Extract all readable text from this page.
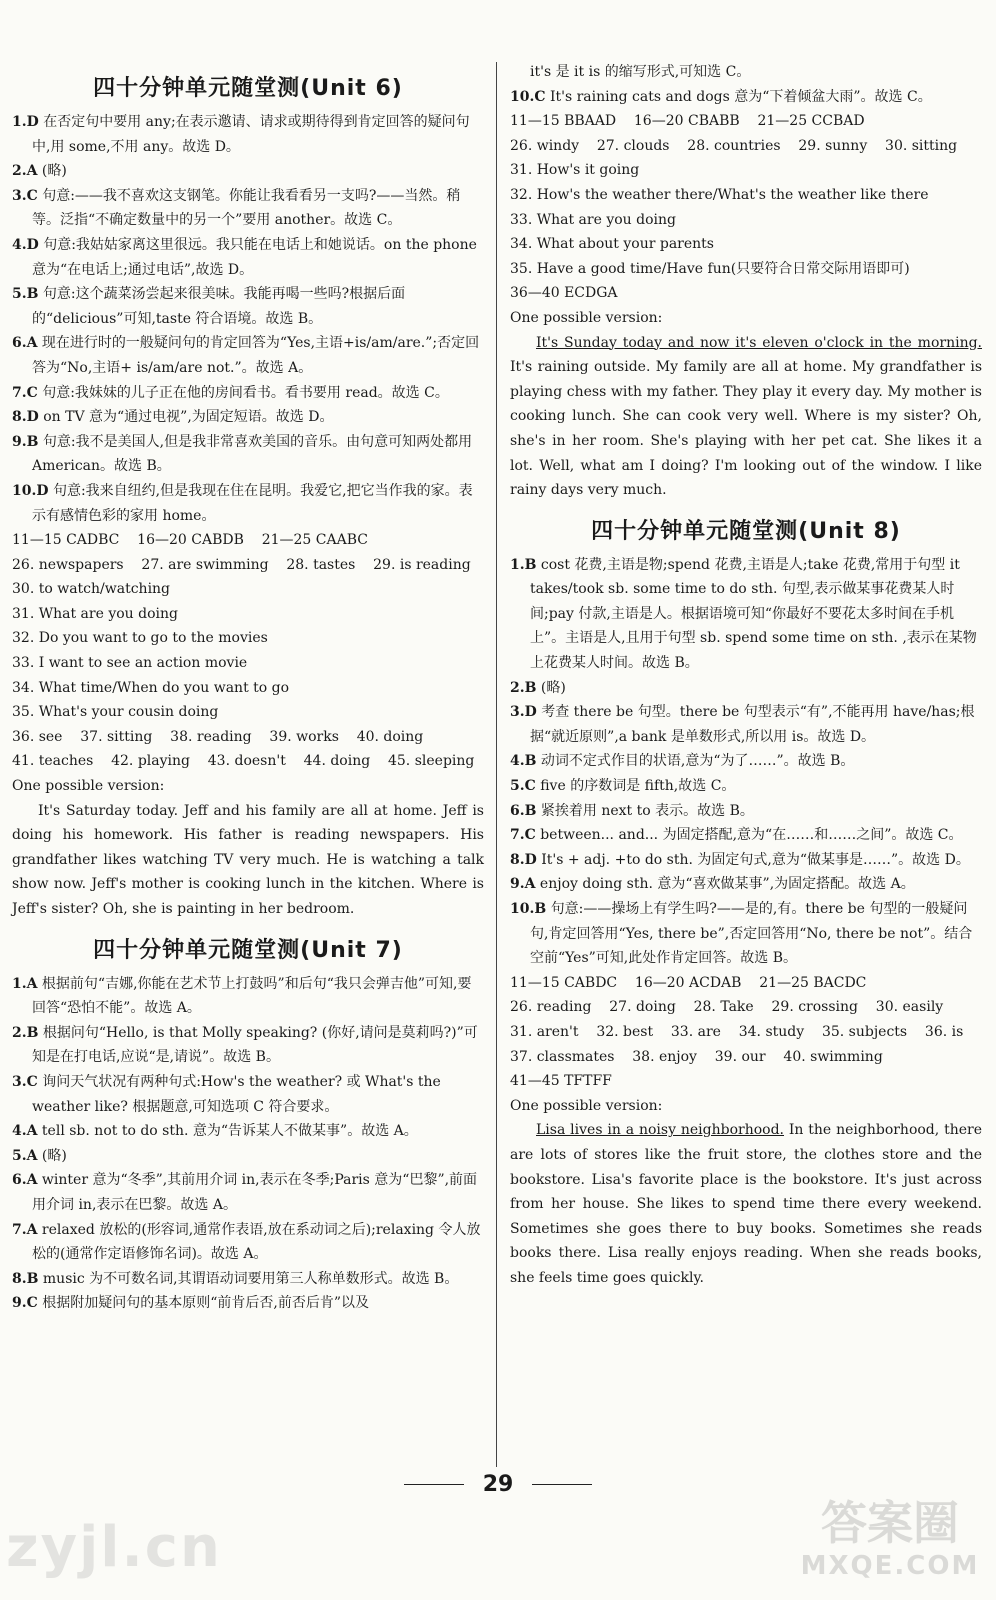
四十分钟单元随堂测(Unit 6)

1.D 在否定句中要用 any;在表示邀请、请求或期待得到肯定回答的疑问句中,用 some,不用 any。故选 D。

2.A (略)

3.C 句意:——我不喜欢这支钢笔。你能让我看看另一支吗?——当然。稍等。泛指“不确定数量中的另一个”要用 another。故选 C。

4.D 句意:我姑姑家离这里很远。我只能在电话上和她说话。on the phone 意为“在电话上;通过电话”,故选 D。

5.B 句意:这个蔬菜汤尝起来很美味。我能再喝一些吗?根据后面的“delicious”可知,taste 符合语境。故选 B。

6.A 现在进行时的一般疑问句的肯定回答为“Yes,主语+is/am/are.”;否定回答为“No,主语+ is/am/are not.”。故选 A。

7.C 句意:我妹妹的儿子正在他的房间看书。看书要用 read。故选 C。

8.D on TV 意为“通过电视”,为固定短语。故选 D。

9.B 句意:我不是美国人,但是我非常喜欢美国的音乐。由句意可知两处都用 American。故选 B。

10.D 句意:我来自纽约,但是我现在住在昆明。我爱它,把它当作我的家。表示有感情色彩的家用 home。

11—15 CADBC    16—20 CABDB    21—25 CAABC

26. newspapers    27. are swimming    28. tastes    29. is reading

30. to watch/watching

31. What are you doing

32. Do you want to go to the movies

33. I want to see an action movie

34. What time/When do you want to go

35. What's your cousin doing

36. see    37. sitting    38. reading    39. works    40. doing

41. teaches    42. playing    43. doesn't    44. doing    45. sleeping

One possible version:

It's Saturday today. Jeff and his family are all at home. Jeff is doing his homework. His father is reading newspapers. His grandfather likes watching TV very much. He is watching a talk show now. Jeff's mother is cooking lunch in the kitchen. Where is Jeff's sister? Oh, she is painting in her bedroom.

四十分钟单元随堂测(Unit 7)

1.A 根据前句“吉娜,你能在艺术节上打鼓吗”和后句“我只会弹吉他”可知,要回答“恐怕不能”。故选 A。

2.B 根据问句“Hello, is that Molly speaking? (你好,请问是莫莉吗?)”可知是在打电话,应说“是,请说”。故选 B。

3.C 询问天气状况有两种句式:How's the weather? 或 What's the weather like? 根据题意,可知选项 C 符合要求。

4.A tell sb. not to do sth. 意为“告诉某人不做某事”。故选 A。

5.A (略)

6.A winter 意为“冬季”,其前用介词 in,表示在冬季;Paris 意为“巴黎”,前面用介词 in,表示在巴黎。故选 A。

7.A relaxed 放松的(形容词,通常作表语,放在系动词之后);relaxing 令人放松的(通常作定语修饰名词)。故选 A。

8.B music 为不可数名词,其谓语动词要用第三人称单数形式。故选 B。

9.C 根据附加疑问句的基本原则“前肯后否,前否后肯”以及

it's 是 it is 的缩写形式,可知选 C。

10.C It's raining cats and dogs 意为“下着倾盆大雨”。故选 C。

11—15 BBAAD    16—20 CBABB    21—25 CCBAD

26. windy    27. clouds    28. countries    29. sunny    30. sitting

31. How's it going

32. How's the weather there/What's the weather like there

33. What are you doing

34. What about your parents

35. Have a good time/Have fun(只要符合日常交际用语即可)

36—40 ECDGA

One possible version:

It's Sunday today and now it's eleven o'clock in the morning. It's raining outside. My family are all at home. My grandfather is playing chess with my father. They play it every day. My mother is cooking lunch. She can cook very well. Where is my sister? Oh, she's in her room. She's playing with her pet cat. She likes it a lot. Well, what am I doing? I'm looking out of the window. I like rainy days very much.

四十分钟单元随堂测(Unit 8)

1.B cost 花费,主语是物;spend 花费,主语是人;take 花费,常用于句型 it takes/took sb. some time to do sth. 句型,表示做某事花费某人时间;pay 付款,主语是人。根据语境可知“你最好不要花太多时间在手机上”。主语是人,且用于句型 sb. spend some time on sth. ,表示在某物上花费某人时间。故选 B。

2.B (略)

3.D 考查 there be 句型。there be 句型表示“有”,不能再用 have/has;根据“就近原则”,a bank 是单数形式,所以用 is。故选 D。

4.B 动词不定式作目的状语,意为“为了……”。故选 B。

5.C five 的序数词是 fifth,故选 C。

6.B 紧挨着用 next to 表示。故选 B。

7.C between... and... 为固定搭配,意为“在……和……之间”。故选 C。

8.D It's + adj. +to do sth. 为固定句式,意为“做某事是……”。故选 D。

9.A enjoy doing sth. 意为“喜欢做某事”,为固定搭配。故选 A。

10.B 句意:——操场上有学生吗?——是的,有。there be 句型的一般疑问句,肯定回答用“Yes, there be”,否定回答用“No, there be not”。结合空前“Yes”可知,此处作肯定回答。故选 B。

11—15 CABDC    16—20 ACDAB    21—25 BACDC

26. reading    27. doing    28. Take    29. crossing    30. easily

31. aren't    32. best    33. are    34. study    35. subjects    36. is

37. classmates    38. enjoy    39. our    40. swimming

41—45 TFTFF

One possible version:

Lisa lives in a noisy neighborhood. In the neighborhood, there are lots of stores like the fruit store, the clothes store and the bookstore. Lisa's favorite place is the bookstore. It's just across from her house. She likes to spend time there every weekend. Sometimes she goes there to buy books. Sometimes she reads books there. Lisa really enjoys reading. When she reads books, she feels time goes quickly.

29
zyjl.cn	答案圈
MXQE.COM
